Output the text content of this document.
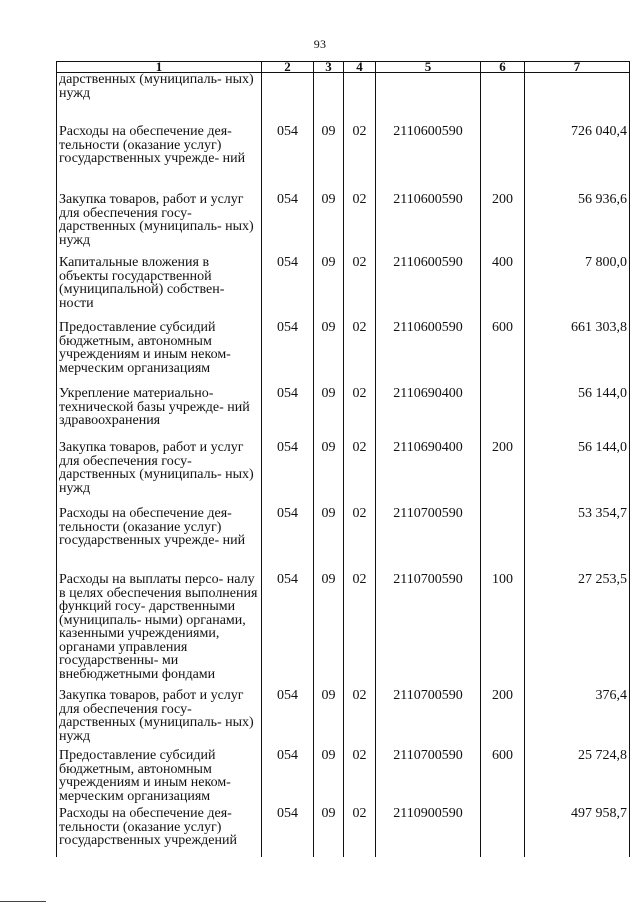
93
1	2	3	4	5	6	7
дарственных (муниципаль- ных) нужд						
Расходы на обеспечение дея- тельности (оказание услуг) государственных учрежде- ний	054	09	02	2110600590		726 040,4
Закупка товаров, работ и услуг для обеспечения госу- дарственных (муниципаль- ных) нужд	054	09	02	2110600590	200	56 936,6
Капитальные вложения в объекты государственной (муниципальной) собствен- ности	054	09	02	2110600590	400	7 800,0
Предоставление субсидий бюджетным, автономным учреждениям и иным неком- мерческим организациям	054	09	02	2110600590	600	661 303,8
Укрепление материально- технической базы учрежде- ний здравоохранения	054	09	02	2110690400		56 144,0
Закупка товаров, работ и услуг для обеспечения госу- дарственных (муниципаль- ных) нужд	054	09	02	2110690400	200	56 144,0
Расходы на обеспечение дея- тельности (оказание услуг) государственных учрежде- ний	054	09	02	2110700590		53 354,7
Расходы на выплаты персо- налу в целях обеспечения выполнения функций госу- дарственными (муниципаль- ными) органами, казенными учреждениями, органами управления государственны- ми внебюджетными фондами	054	09	02	2110700590	100	27 253,5
Закупка товаров, работ и услуг для обеспечения госу- дарственных (муниципаль- ных) нужд	054	09	02	2110700590	200	376,4
Предоставление субсидий бюджетным, автономным учреждениям и иным неком- мерческим организациям	054	09	02	2110700590	600	25 724,8
Расходы на обеспечение дея- тельности (оказание услуг) государственных учреждений	054	09	02	2110900590		497 958,7
